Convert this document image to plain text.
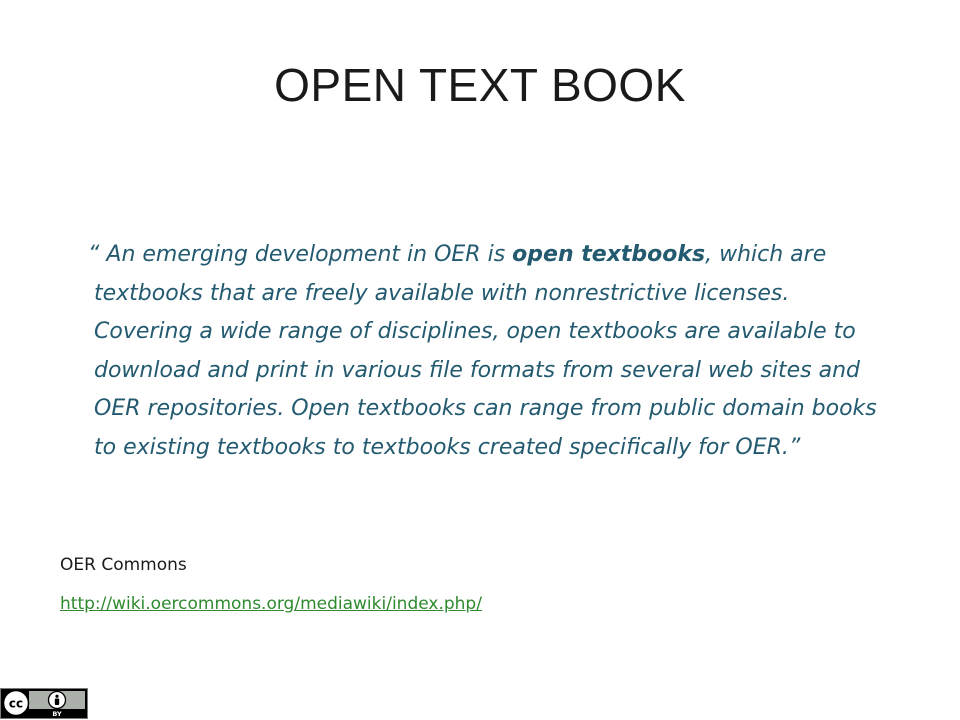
OPEN TEXT BOOK

“ An emerging development in OER is open textbooks, which are textbooks that are freely available with nonrestrictive licenses. Covering a wide range of disciplines, open textbooks are available to download and print in various file formats from several web sites and OER repositories. Open textbooks can range from public domain books to existing textbooks to textbooks created specifically for OER.”

OER Commons

http://wiki.oercommons.org/mediawiki/index.php/
cc
BY
